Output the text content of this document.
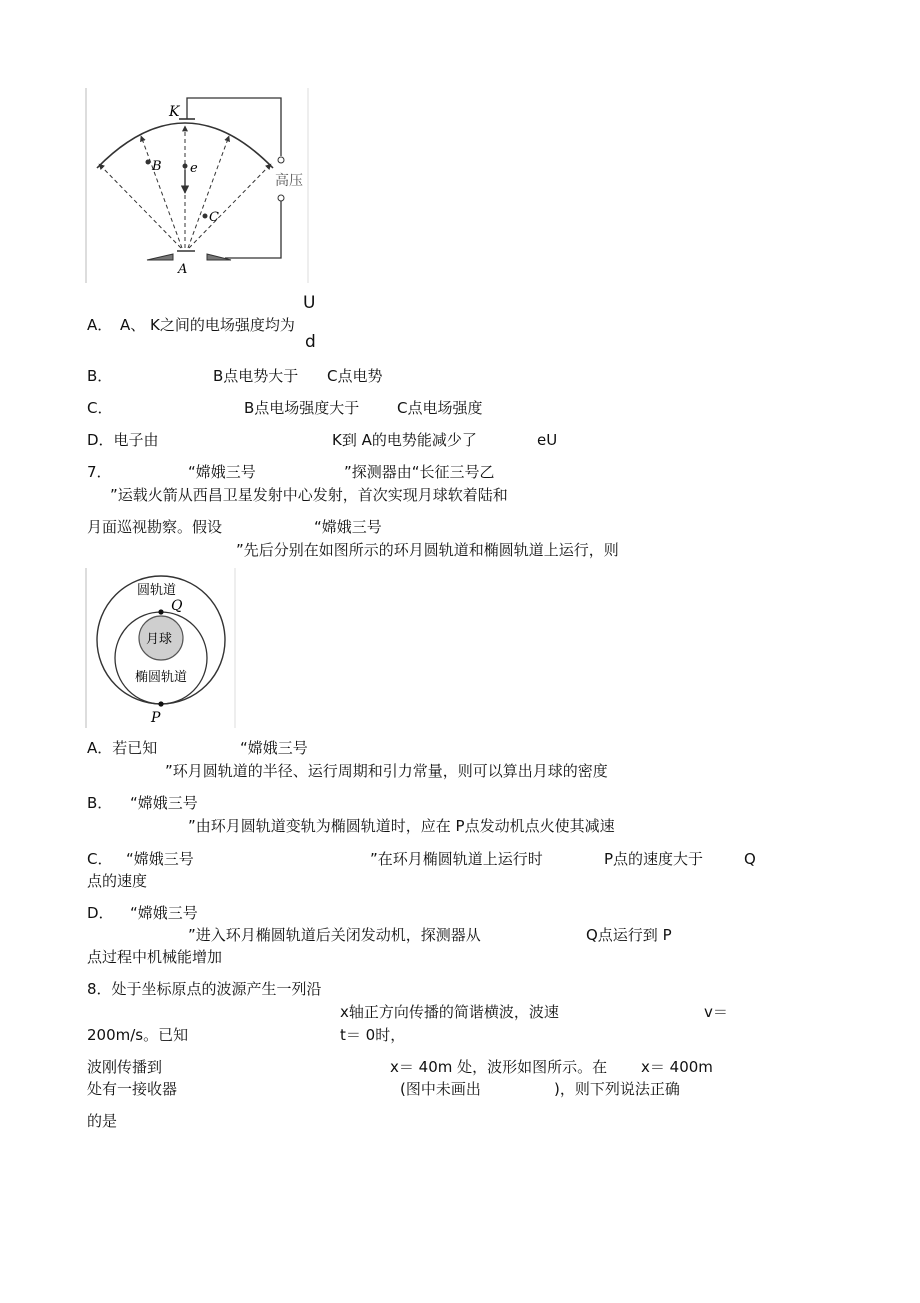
K
B e
C
A
高压
U
A． A、 K之间的电场强度均为
d
B．	B点电势大于 C点电势
C．	B点电场强度大于	C点电场强度
D．电子由	K到 A的电势能减少了	eU
7．	“嫦娥三号	”探测器由“长征三号乙
”运载火箭从西昌卫星发射中心发射，首次实现月球软着陆和
月面巡视勘察。假设	“嫦娥三号
”先后分别在如图所示的环月圆轨道和椭圆轨道上运行，则
圆轨道
Q
月球
椭圆轨道
P
A．若已知	“嫦娥三号
”环月圆轨道的半径、运行周期和引力常量，则可以算出月球的密度
B． “嫦娥三号
”由环月圆轨道变轨为椭圆轨道时，应在 P点发动机点火使其减速
C． “嫦娥三号	”在环月椭圆轨道上运行时	P点的速度大于	Q
点的速度
D． “嫦娥三号
”进入环月椭圆轨道后关闭发动机，探测器从	Q点运行到 P
点过程中机械能增加
8．处于坐标原点的波源产生一列沿
x轴正方向传播的简谐横波，波速	v＝
200m/s。已知	t＝ 0时，
波刚传播到	x＝ 40m 处，波形如图所示。在 x＝ 400m
处有一接收器	(图中未画出	)，则下列说法正确
的是
